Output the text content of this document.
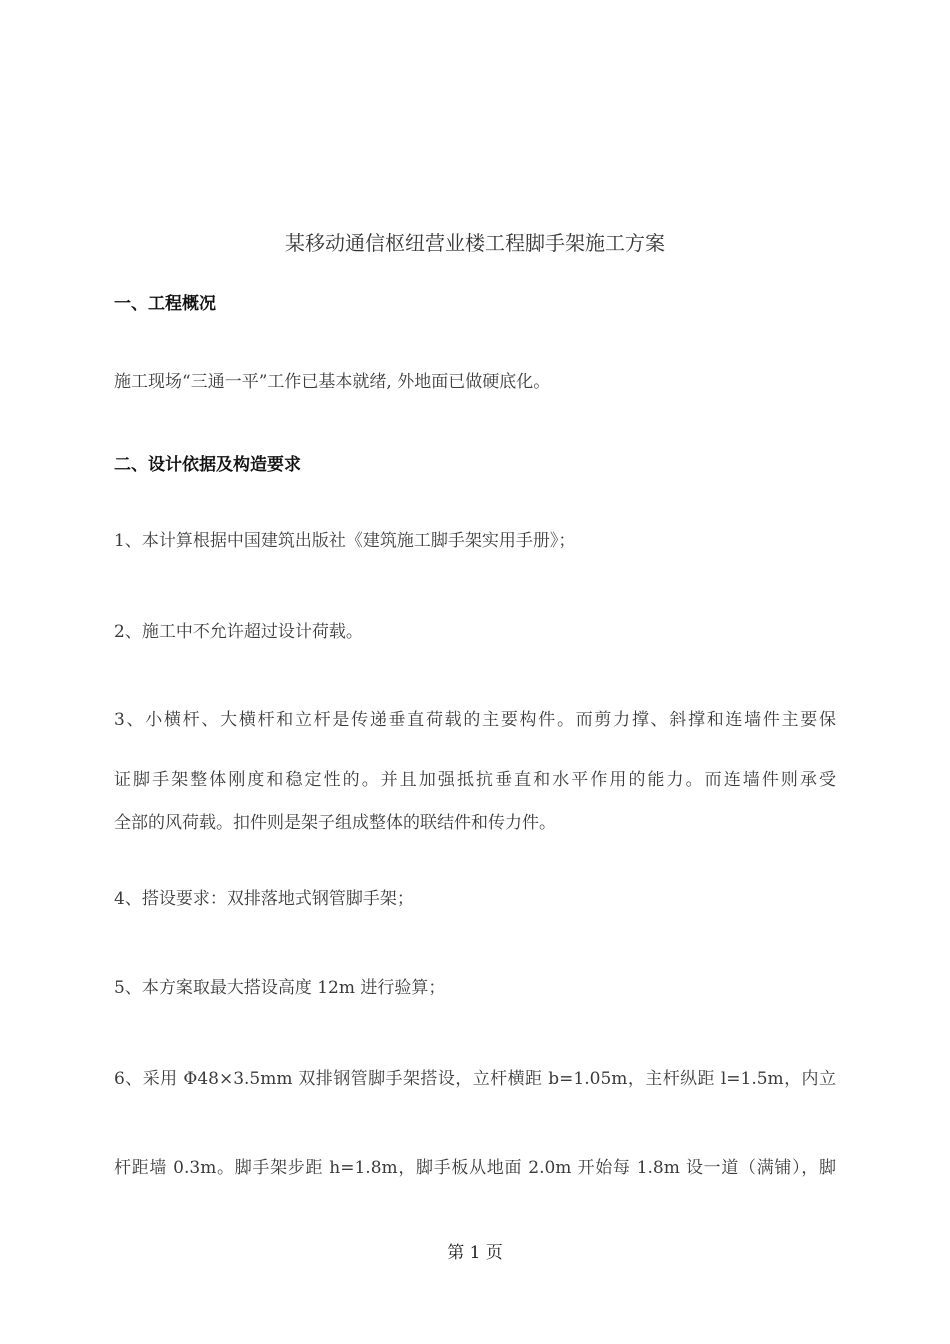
某移动通信枢纽营业楼工程脚手架施工方案
一、工程概况
施工现场“三通一平”工作已基本就绪, 外地面已做硬底化。
二、设计依据及构造要求
1、本计算根据中国建筑出版社《建筑施工脚手架实用手册》；
2、施工中不允许超过设计荷载。
3、小横杆、大横杆和立杆是传递垂直荷载的主要构件。而剪力撑、斜撑和连墙件主要保
证脚手架整体刚度和稳定性的。并且加强抵抗垂直和水平作用的能力。而连墙件则承受
全部的风荷载。扣件则是架子组成整体的联结件和传力件。
4、搭设要求：双排落地式钢管脚手架；
5、本方案取最大搭设高度 12m 进行验算；
6、采用 Φ48×3.5mm 双排钢管脚手架搭设，立杆横距 b=1.05m，主杆纵距 l=1.5m，内立
杆距墙 0.3m。脚手架步距 h=1.8m，脚手板从地面 2.0m 开始每 1.8m 设一道（满铺），脚
第 1 页
